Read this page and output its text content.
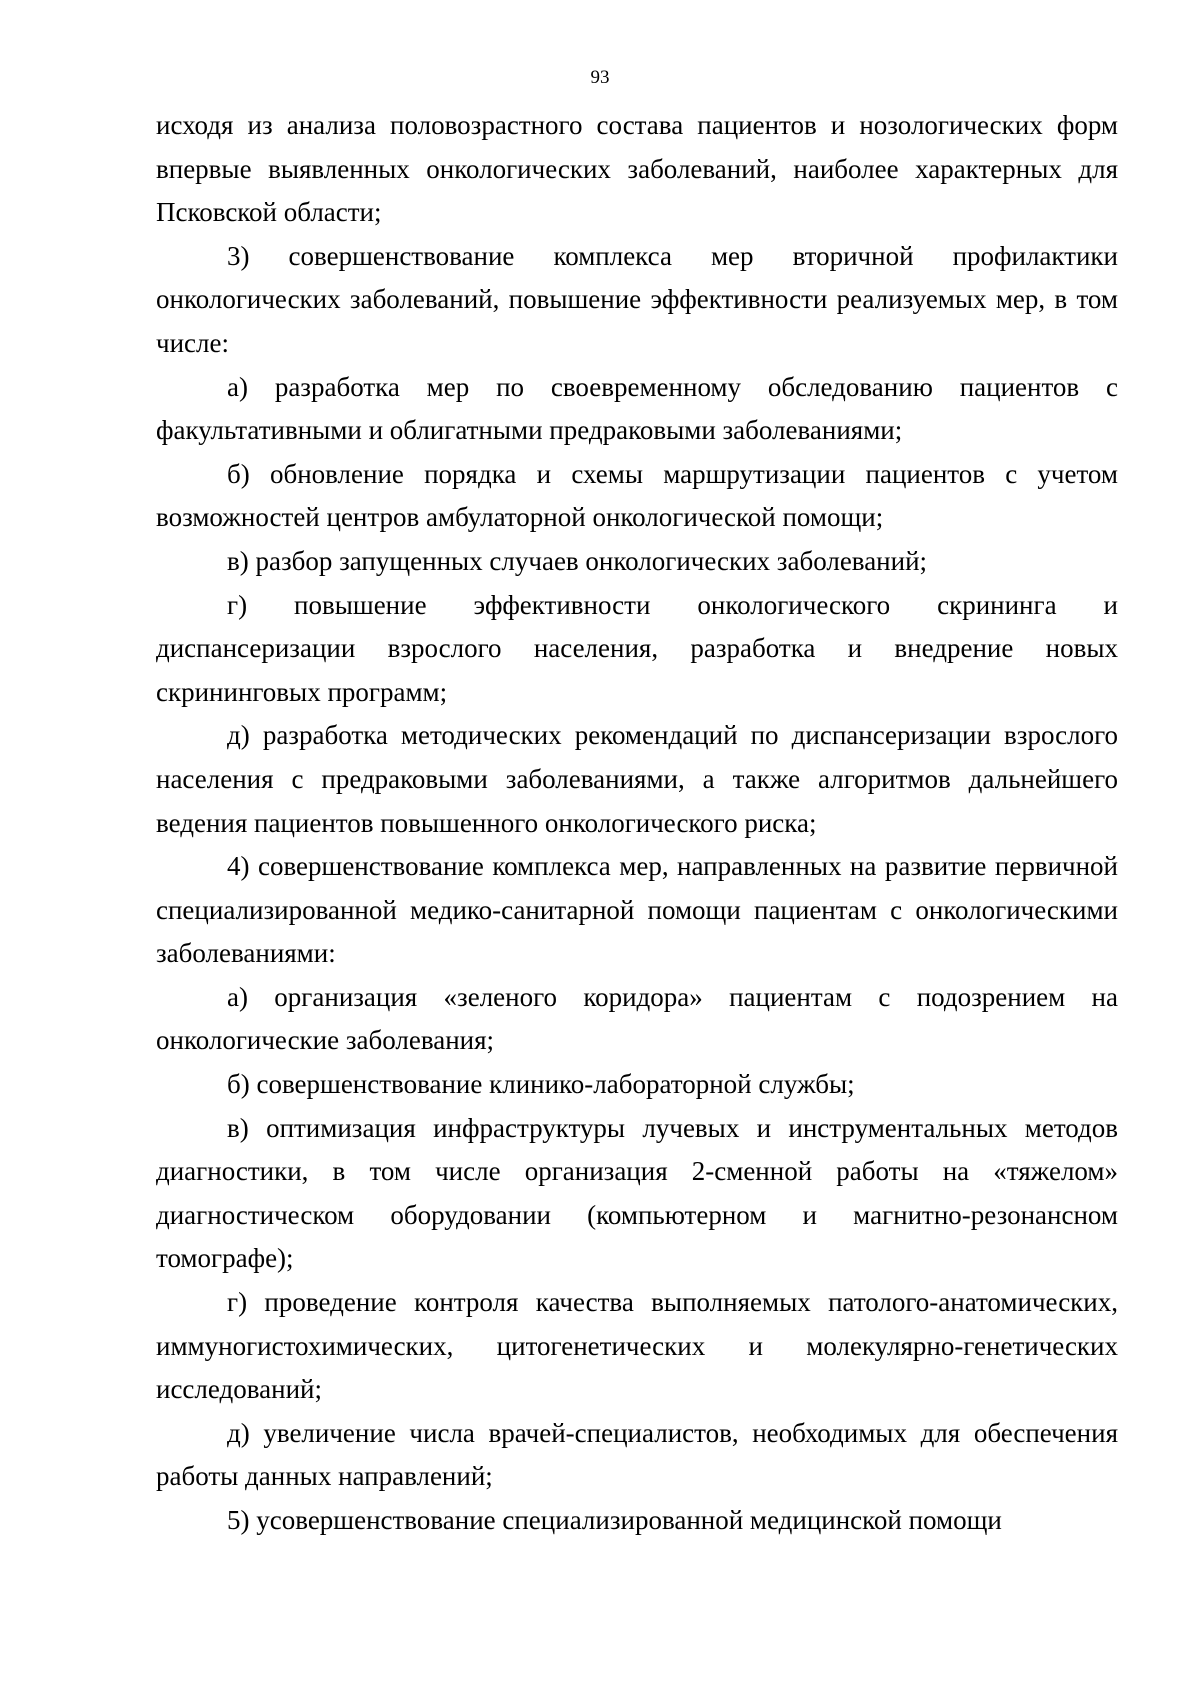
93

исходя из анализа половозрастного состава пациентов и нозологических форм впервые выявленных онкологических заболеваний, наиболее характерных для Псковской области;

3) совершенствование комплекса мер вторичной профилактики онкологических заболеваний, повышение эффективности реализуемых мер, в том числе:

а) разработка мер по своевременному обследованию пациентов с факультативными и облигатными предраковыми заболеваниями;

б) обновление порядка и схемы маршрутизации пациентов с учетом возможностей центров амбулаторной онкологической помощи;

в) разбор запущенных случаев онкологических заболеваний;

г) повышение эффективности онкологического скрининга и диспансеризации взрослого населения, разработка и внедрение новых скрининговых программ;

д) разработка методических рекомендаций по диспансеризации взрослого населения с предраковыми заболеваниями, а также алгоритмов дальнейшего ведения пациентов повышенного онкологического риска;

4) совершенствование комплекса мер, направленных на развитие первичной специализированной медико-санитарной помощи пациентам с онкологическими заболеваниями:

а) организация «зеленого коридора» пациентам с подозрением на онкологические заболевания;

б) совершенствование клинико-лабораторной службы;

в) оптимизация инфраструктуры лучевых и инструментальных методов диагностики, в том числе организация 2-сменной работы на «тяжелом» диагностическом оборудовании (компьютерном и магнитно-резонансном томографе);

г) проведение контроля качества выполняемых патолого-анатомических, иммуногистохимических, цитогенетических и молекулярно-генетических исследований;

д) увеличение числа врачей-специалистов, необходимых для обеспечения работы данных направлений;

5) усовершенствование специализированной медицинской помощи
